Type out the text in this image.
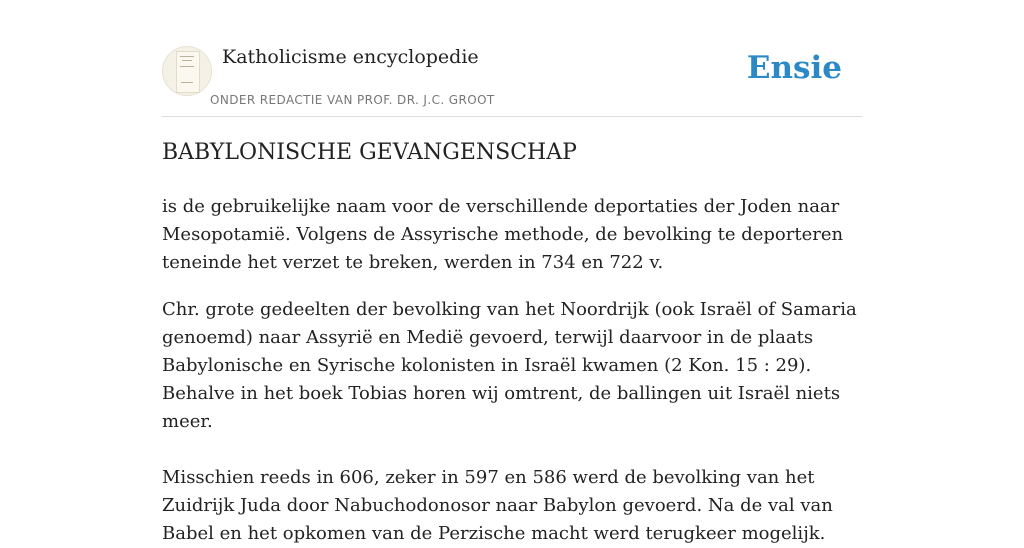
Katholicisme encyclopedie
ONDER REDACTIE VAN PROF. DR. J.C. GROOT
Ensie
BABYLONISCHE GEVANGENSCHAP

is de gebruikelijke naam voor de verschillende deportaties der Joden naar Mesopotamië. Volgens de Assyrische methode, de bevolking te deporteren teneinde het verzet te breken, werden in 734 en 722 v.

Chr. grote gedeelten der bevolking van het Noordrijk (ook Israël of Samaria genoemd) naar Assyrië en Medië gevoerd, terwijl daarvoor in de plaats Babylonische en Syrische kolonisten in Israël kwamen (2 Kon. 15 : 29). Behalve in het boek Tobias horen wij omtrent, de ballingen uit Israël niets meer.

Misschien reeds in 606, zeker in 597 en 586 werd de bevolking van het Zuidrijk Juda door Nabuchodonosor naar Babylon gevoerd. Na de val van Babel en het opkomen van de Perzische macht werd terugkeer mogelijk.
